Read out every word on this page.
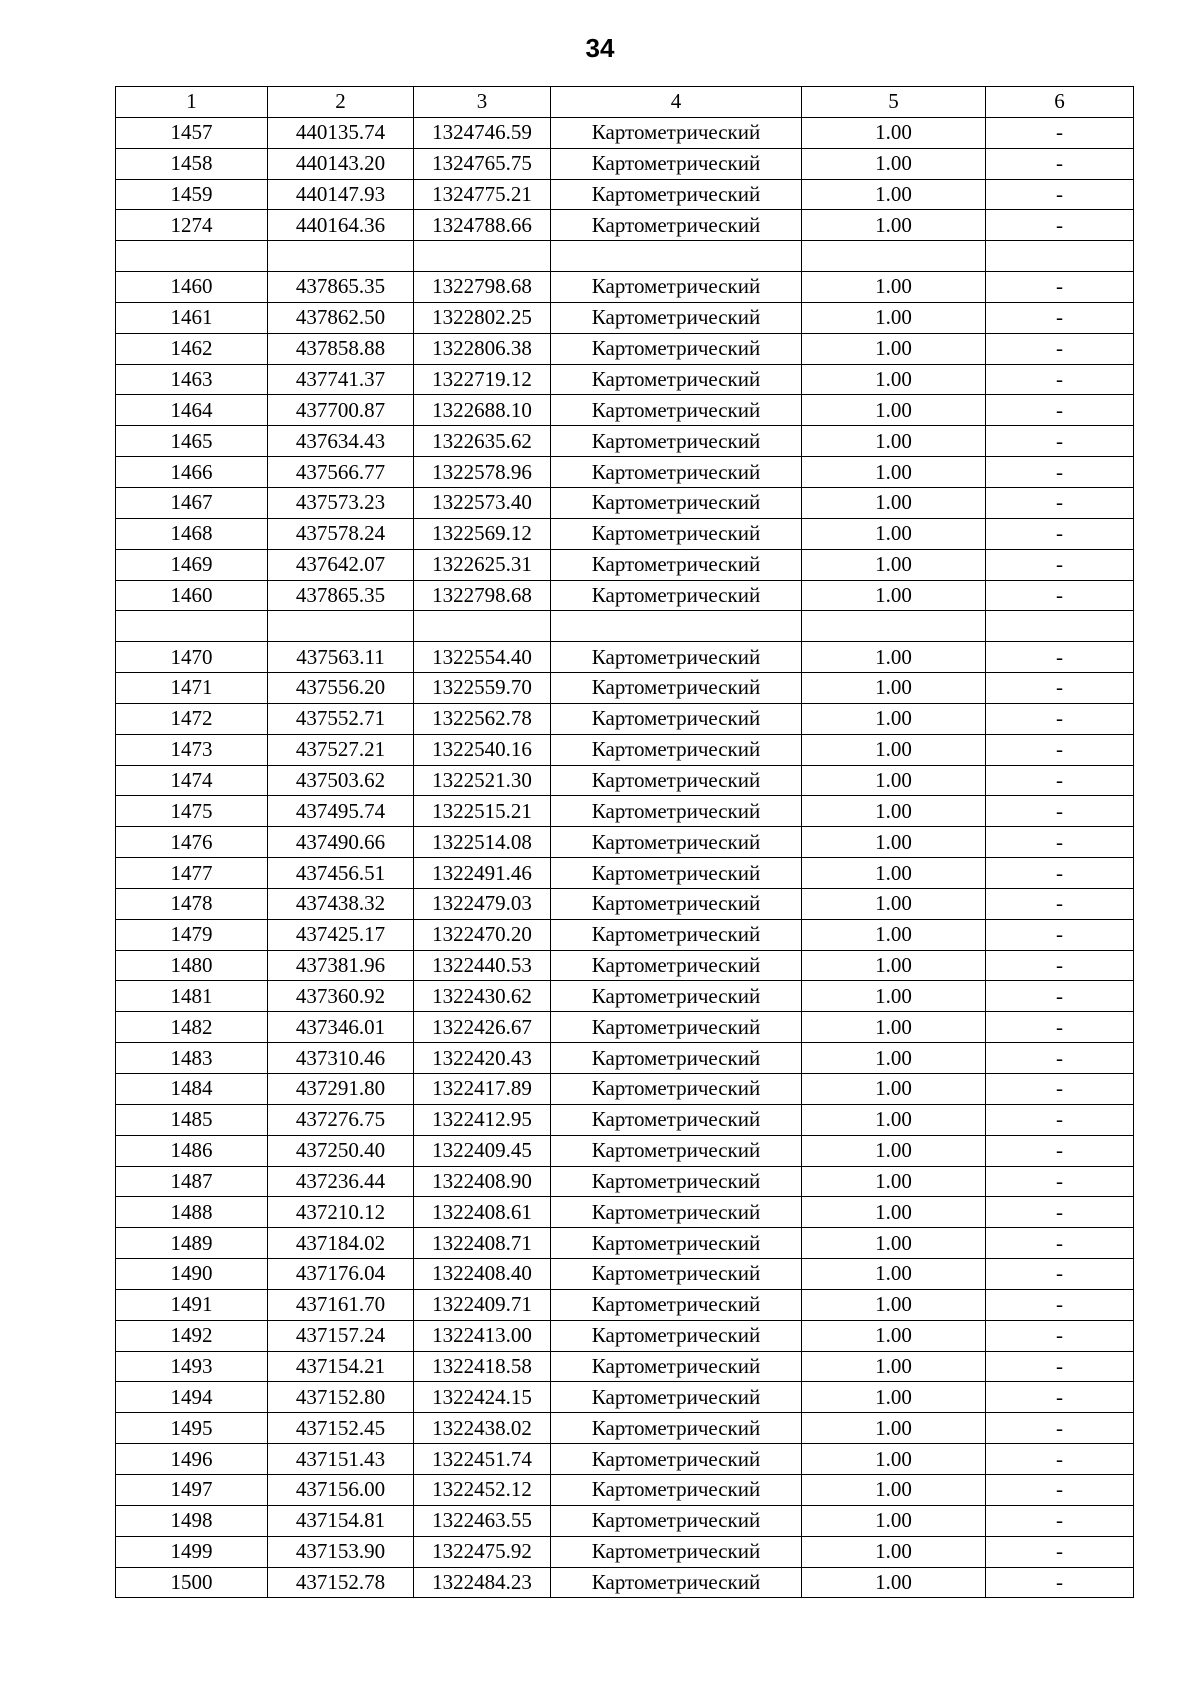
34
1	2	3	4	5	6
1457	440135.74	1324746.59	Картометрический	1.00	-
1458	440143.20	1324765.75	Картометрический	1.00	-
1459	440147.93	1324775.21	Картометрический	1.00	-
1274	440164.36	1324788.66	Картометрический	1.00	-

1460	437865.35	1322798.68	Картометрический	1.00	-
1461	437862.50	1322802.25	Картометрический	1.00	-
1462	437858.88	1322806.38	Картометрический	1.00	-
1463	437741.37	1322719.12	Картометрический	1.00	-
1464	437700.87	1322688.10	Картометрический	1.00	-
1465	437634.43	1322635.62	Картометрический	1.00	-
1466	437566.77	1322578.96	Картометрический	1.00	-
1467	437573.23	1322573.40	Картометрический	1.00	-
1468	437578.24	1322569.12	Картометрический	1.00	-
1469	437642.07	1322625.31	Картометрический	1.00	-
1460	437865.35	1322798.68	Картометрический	1.00	-

1470	437563.11	1322554.40	Картометрический	1.00	-
1471	437556.20	1322559.70	Картометрический	1.00	-
1472	437552.71	1322562.78	Картометрический	1.00	-
1473	437527.21	1322540.16	Картометрический	1.00	-
1474	437503.62	1322521.30	Картометрический	1.00	-
1475	437495.74	1322515.21	Картометрический	1.00	-
1476	437490.66	1322514.08	Картометрический	1.00	-
1477	437456.51	1322491.46	Картометрический	1.00	-
1478	437438.32	1322479.03	Картометрический	1.00	-
1479	437425.17	1322470.20	Картометрический	1.00	-
1480	437381.96	1322440.53	Картометрический	1.00	-
1481	437360.92	1322430.62	Картометрический	1.00	-
1482	437346.01	1322426.67	Картометрический	1.00	-
1483	437310.46	1322420.43	Картометрический	1.00	-
1484	437291.80	1322417.89	Картометрический	1.00	-
1485	437276.75	1322412.95	Картометрический	1.00	-
1486	437250.40	1322409.45	Картометрический	1.00	-
1487	437236.44	1322408.90	Картометрический	1.00	-
1488	437210.12	1322408.61	Картометрический	1.00	-
1489	437184.02	1322408.71	Картометрический	1.00	-
1490	437176.04	1322408.40	Картометрический	1.00	-
1491	437161.70	1322409.71	Картометрический	1.00	-
1492	437157.24	1322413.00	Картометрический	1.00	-
1493	437154.21	1322418.58	Картометрический	1.00	-
1494	437152.80	1322424.15	Картометрический	1.00	-
1495	437152.45	1322438.02	Картометрический	1.00	-
1496	437151.43	1322451.74	Картометрический	1.00	-
1497	437156.00	1322452.12	Картометрический	1.00	-
1498	437154.81	1322463.55	Картометрический	1.00	-
1499	437153.90	1322475.92	Картометрический	1.00	-
1500	437152.78	1322484.23	Картометрический	1.00	-
